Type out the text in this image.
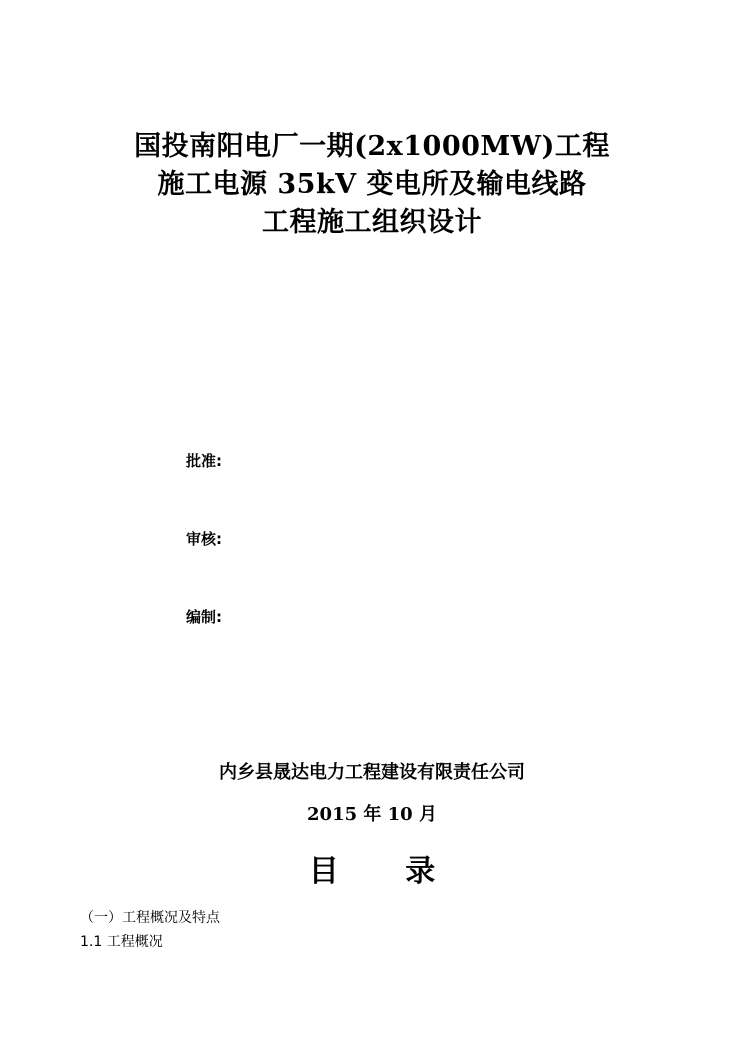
国投南阳电厂一期(2x1000MW)工程
施工电源 35kV 变电所及输电线路
工程施工组织设计
批准:
审核:
编制:
内乡县晟达电力工程建设有限责任公司
2015 年 10 月
目 录
（一）工程概况及特点
1.1 工程概况
